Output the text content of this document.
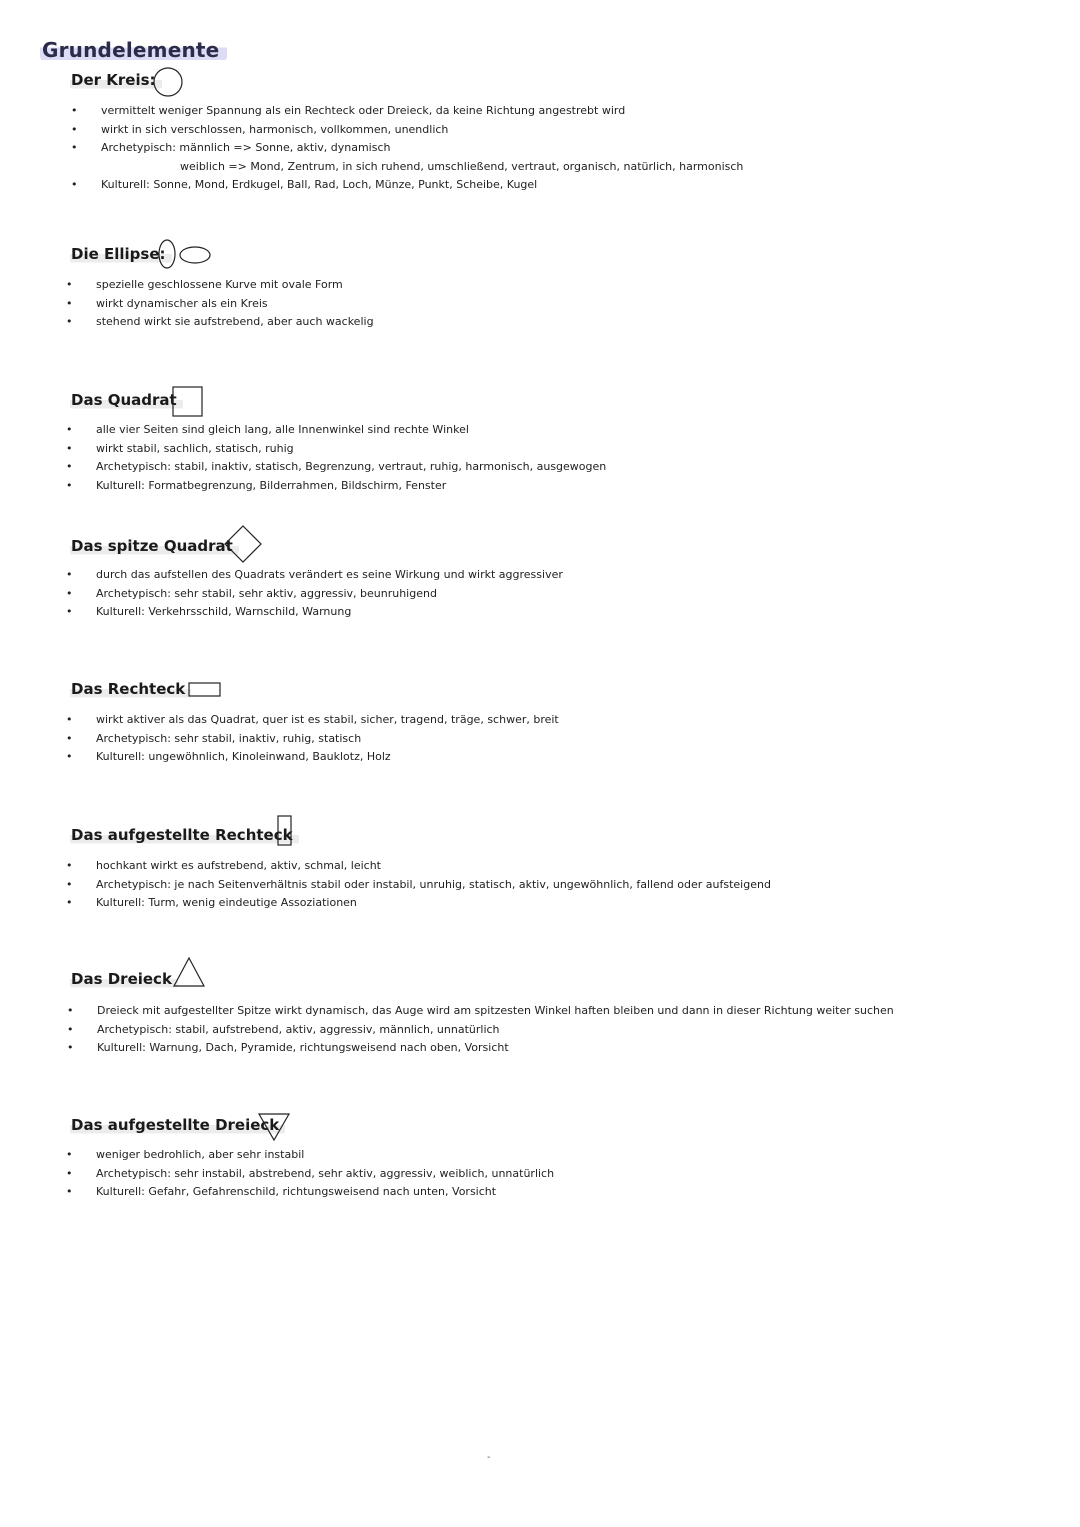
Grundelemente
Der Kreis:
• vermittelt weniger Spannung als ein Rechteck oder Dreieck, da keine Richtung angestrebt wird
• wirkt in sich verschlossen, harmonisch, vollkommen, unendlich
• Archetypisch: männlich => Sonne, aktiv, dynamisch
weiblich => Mond, Zentrum, in sich ruhend, umschließend, vertraut, organisch, natürlich, harmonisch
• Kulturell: Sonne, Mond, Erdkugel, Ball, Rad, Loch, Münze, Punkt, Scheibe, Kugel
Die Ellipse:
• spezielle geschlossene Kurve mit ovale Form
• wirkt dynamischer als ein Kreis
• stehend wirkt sie aufstrebend, aber auch wackelig
Das Quadrat
• alle vier Seiten sind gleich lang, alle Innenwinkel sind rechte Winkel
• wirkt stabil, sachlich, statisch, ruhig
• Archetypisch: stabil, inaktiv, statisch, Begrenzung, vertraut, ruhig, harmonisch, ausgewogen
• Kulturell: Formatbegrenzung, Bilderrahmen, Bildschirm, Fenster
Das spitze Quadrat
• durch das aufstellen des Quadrats verändert es seine Wirkung und wirkt aggressiver
• Archetypisch: sehr stabil, sehr aktiv, aggressiv, beunruhigend
• Kulturell: Verkehrsschild, Warnschild, Warnung
Das Rechteck
• wirkt aktiver als das Quadrat, quer ist es stabil, sicher, tragend, träge, schwer, breit
• Archetypisch: sehr stabil, inaktiv, ruhig, statisch
• Kulturell: ungewöhnlich, Kinoleinwand, Bauklotz, Holz
Das aufgestellte Rechteck
• hochkant wirkt es aufstrebend, aktiv, schmal, leicht
• Archetypisch: je nach Seitenverhältnis stabil oder instabil, unruhig, statisch, aktiv, ungewöhnlich, fallend oder aufsteigend
• Kulturell: Turm, wenig eindeutige Assoziationen
Das Dreieck
• Dreieck mit aufgestellter Spitze wirkt dynamisch, das Auge wird am spitzesten Winkel haften bleiben und dann in dieser Richtung weiter suchen
• Archetypisch: stabil, aufstrebend, aktiv, aggressiv, männlich, unnatürlich
• Kulturell: Warnung, Dach, Pyramide, richtungsweisend nach oben, Vorsicht
Das aufgestellte Dreieck
• weniger bedrohlich, aber sehr instabil
• Archetypisch: sehr instabil, abstrebend, sehr aktiv, aggressiv, weiblich, unnatürlich
• Kulturell: Gefahr, Gefahrenschild, richtungsweisend nach unten, Vorsicht
-
